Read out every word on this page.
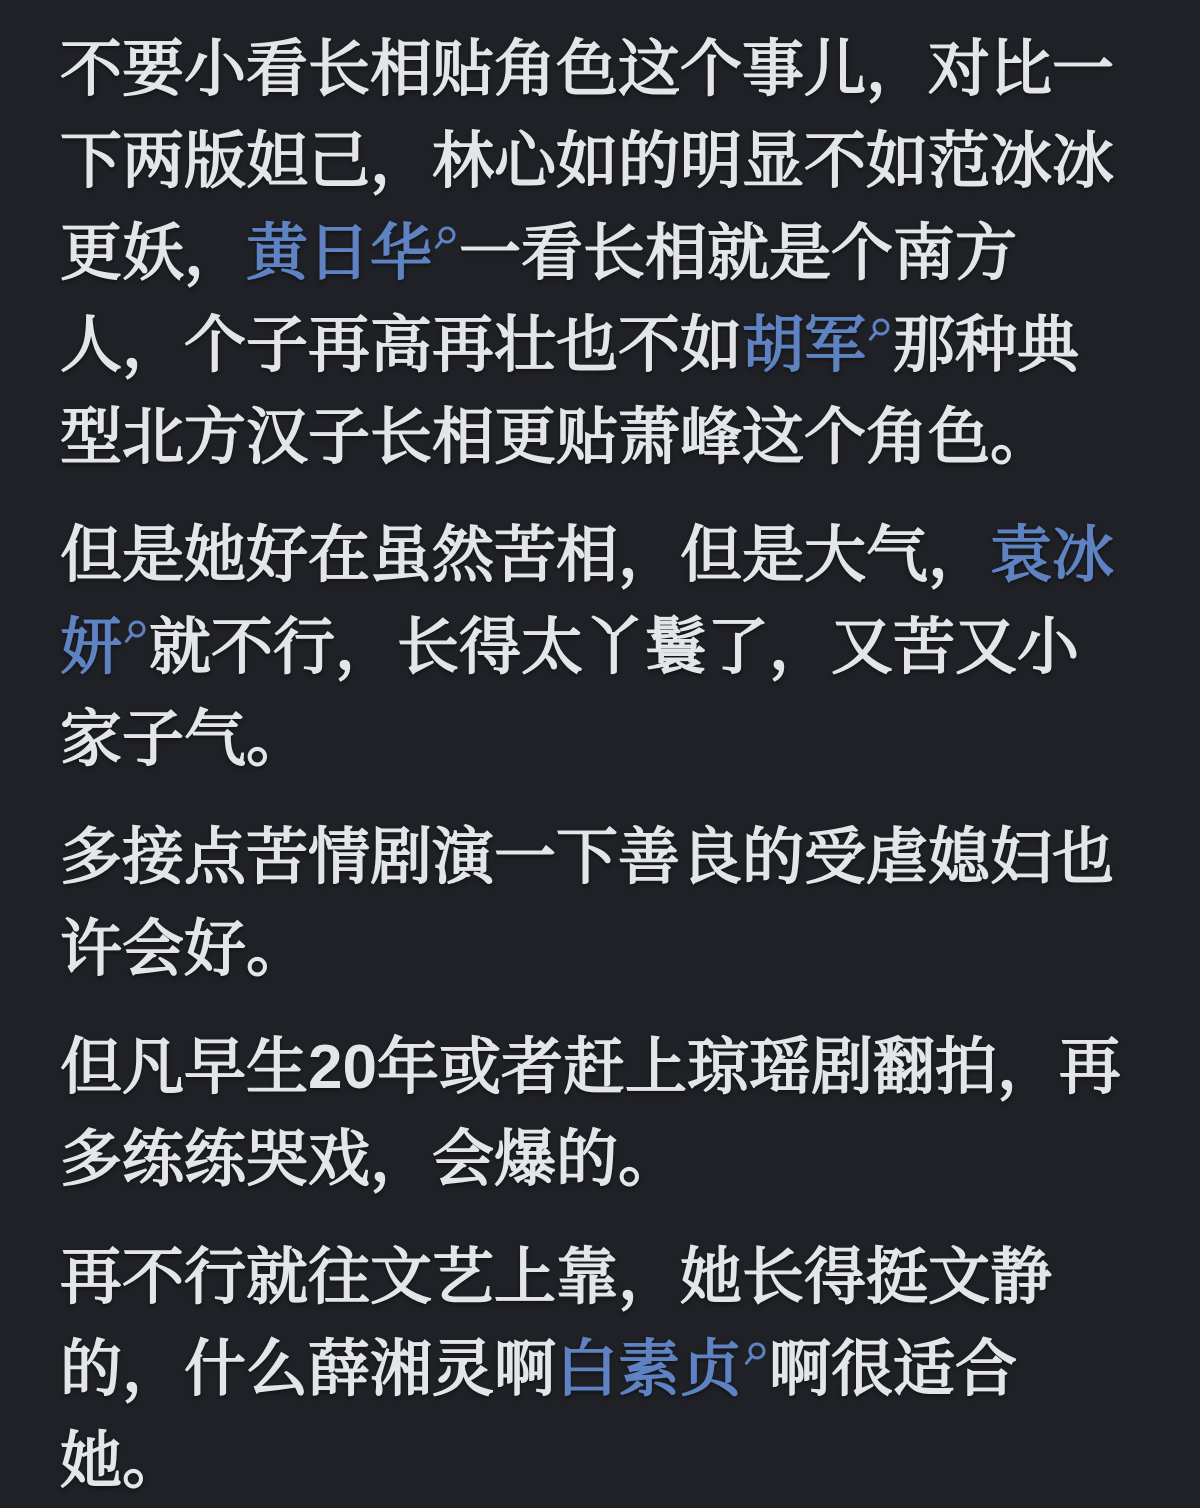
不要小看长相贴角色这个事儿，对比一下两版妲己，林心如的明显不如范冰冰更妖，黄日华 一看长相就是个南方人，个子再高再壮也不如胡军 那种典型北方汉子长相更贴萧峰这个角色。

但是她好在虽然苦相，但是大气，袁冰妍 就不行，长得太丫鬟了，又苦又小家子气。

多接点苦情剧演一下善良的受虐媳妇也许会好。

但凡早生20年或者赶上琼瑶剧翻拍，再多练练哭戏，会爆的。

再不行就往文艺上靠，她长得挺文静的，什么薛湘灵啊白素贞 啊很适合她。
